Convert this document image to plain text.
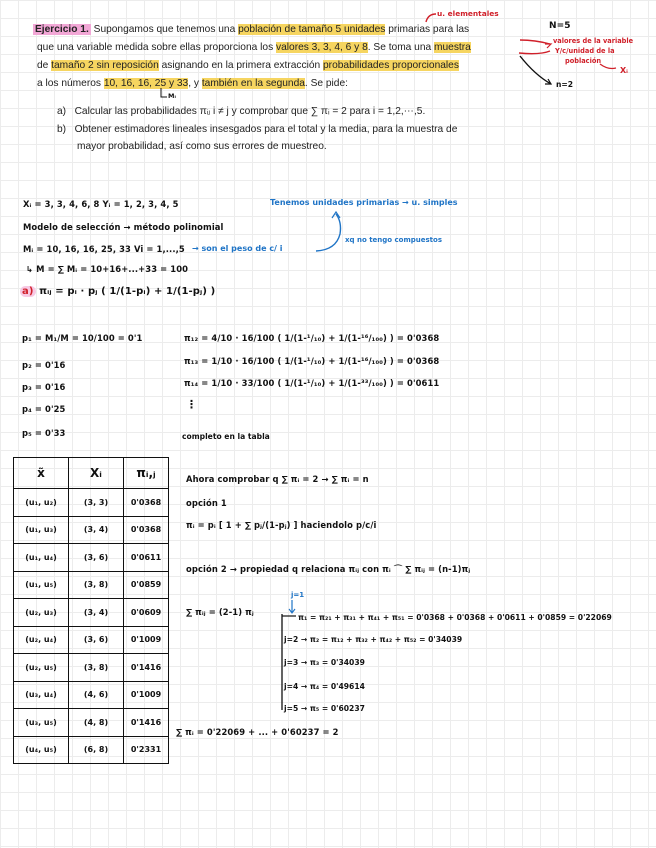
Ejercicio 1. Supongamos que tenemos una población de tamaño 5 unidades primarias para las
que una variable medida sobre ellas proporciona los valores 3, 3, 4, 6 y 8. Se toma una muestra
de tamaño 2 sin reposición asignando en la primera extracción probabilidades proporcionales
a los números 10, 16, 16, 25 y 33, y también en la segunda. Se pide:
a) Calcular las probabilidades πᵢⱼ i ≠ j y comprobar que ∑ πᵢ = 2 para i = 1,2,⋯,5.
b) Obtener estimadores lineales insesgados para el total y la media, para la muestra de
mayor probabilidad, así como sus errores de muestreo.
u. elementales
N=5
valores de la variable
Y/c/unidad de la
población
Xᵢ
n=2
Mᵢ
Xᵢ = 3, 3, 4, 6, 8 Yᵢ = 1, 2, 3, 4, 5
Modelo de selección → método polinomial
Mᵢ = 10, 16, 16, 25, 33 Vi = 1,...,5
↳ M = ∑ Mᵢ = 10+16+...+33 = 100
a) πᵢⱼ = pᵢ · pⱼ ( 1/(1-pᵢ) + 1/(1-pⱼ) )
Tenemos unidades primarias → u. simples
xq no tengo compuestos
→ son el peso de c/ i
p₁ = M₁/M = 10/100 = 0'1
p₂ = 0'16
p₃ = 0'16
p₄ = 0'25
p₅ = 0'33
π₁₂ = 4/10 · 16/100 ( 1/(1-¹/₁₀) + 1/(1-¹⁶/₁₀₀) ) = 0'0368
π₁₃ = 1/10 · 16/100 ( 1/(1-¹/₁₀) + 1/(1-¹⁶/₁₀₀) ) = 0'0368
π₁₄ = 1/10 · 33/100 ( 1/(1-¹/₁₀) + 1/(1-³³/₁₀₀) ) = 0'0611
⋮
completo en la tabla
x̃	Xᵢ	πᵢ,ⱼ
(u₁, u₂)	(3, 3)	0'0368
(u₁, u₃)	(3, 4)	0'0368
(u₁, u₄)	(3, 6)	0'0611
(u₁, u₅)	(3, 8)	0'0859
(u₂, u₃)	(3, 4)	0'0609
(u₂, u₄)	(3, 6)	0'1009
(u₂, u₅)	(3, 8)	0'1416
(u₃, u₄)	(4, 6)	0'1009
(u₃, u₅)	(4, 8)	0'1416
(u₄, u₅)	(6, 8)	0'2331
Ahora comprobar q ∑ πᵢ = 2 → ∑ πᵢ = n
opción 1
πᵢ = pᵢ [ 1 + ∑ pⱼ/(1-pⱼ) ] haciendolo p/c/i
opción 2 → propiedad q relaciona πᵢⱼ con πᵢ ⌒ ∑ πᵢⱼ = (n-1)πⱼ
∑ πᵢⱼ = (2-1) πⱼ
j=1
π₁ = π₂₁ + π₃₁ + π₄₁ + π₅₁ = 0'0368 + 0'0368 + 0'0611 + 0'0859 = 0'22069
j=2 → π₂ = π₁₂ + π₃₂ + π₄₂ + π₅₂ = 0'34039
j=3 → π₃ = 0'34039
j=4 → π₄ = 0'49614
j=5 → π₅ = 0'60237
∑ πᵢ = 0'22069 + ... + 0'60237 = 2
